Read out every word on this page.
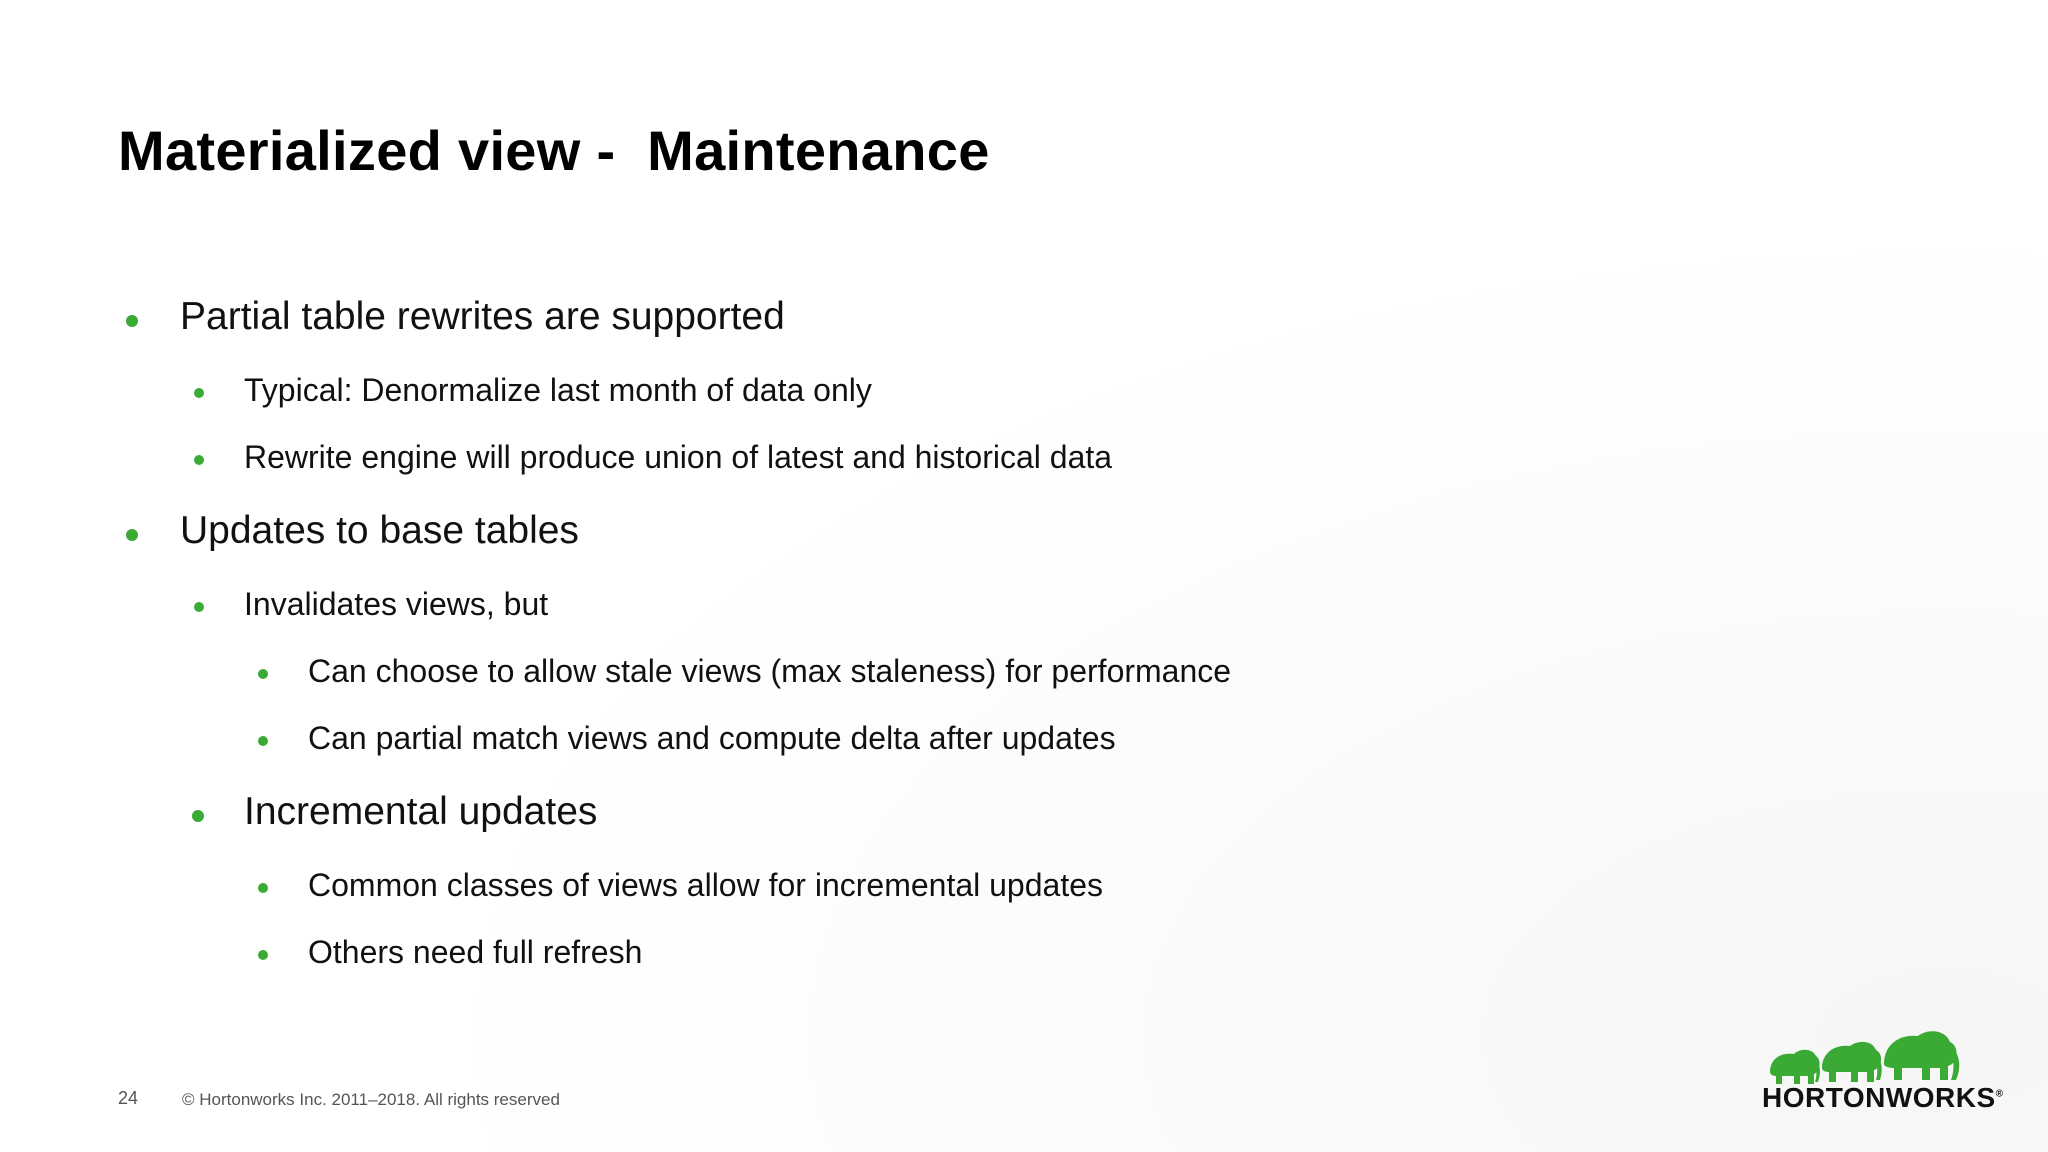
Materialized view -  Maintenance
Partial table rewrites are supported
Typical: Denormalize last month of data only
Rewrite engine will produce union of latest and historical data
Updates to base tables
Invalidates views, but
Can choose to allow stale views (max staleness) for performance
Can partial match views and compute delta after updates
Incremental updates
Common classes of views allow for incremental updates
Others need full refresh
24	© Hortonworks Inc. 2011–2018. All rights reserved	HORTONWORKS®
